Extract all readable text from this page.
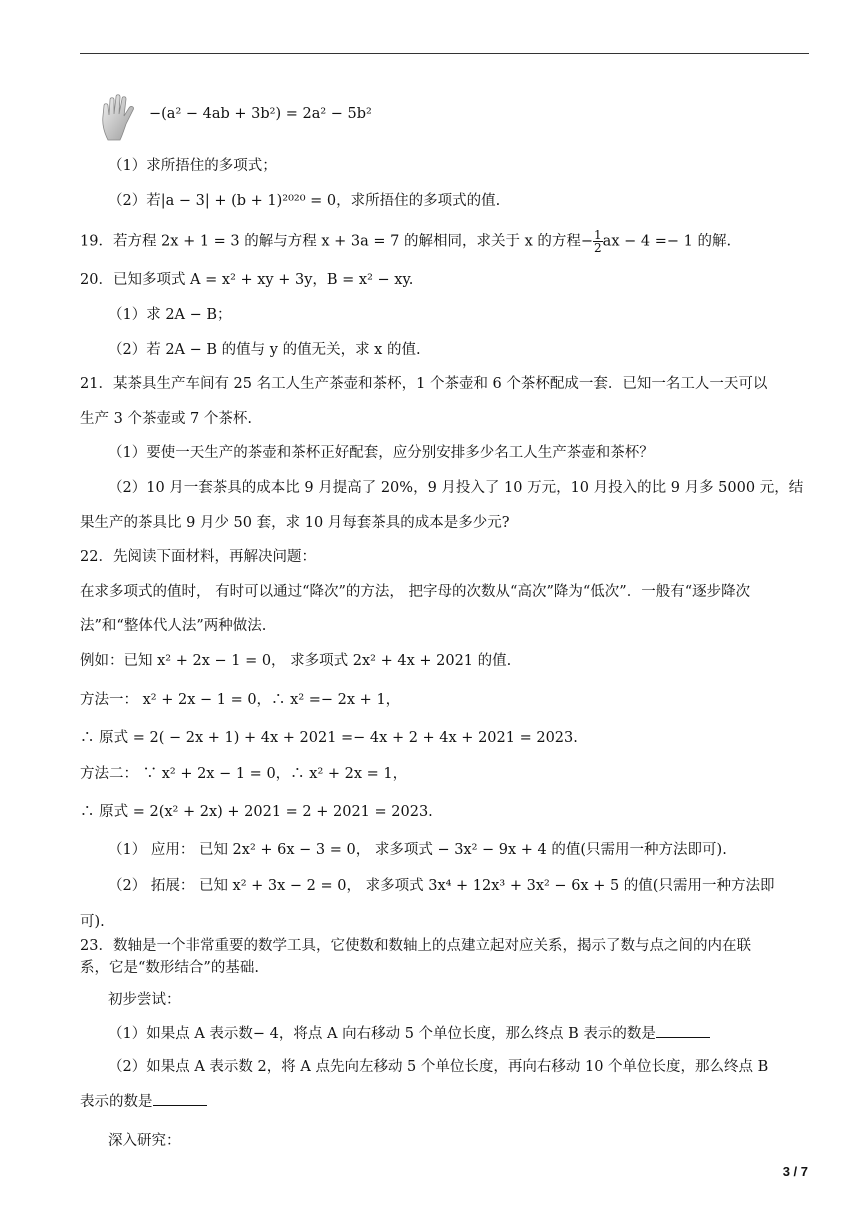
−(a² − 4ab + 3b²) = 2a² − 5b²
（1）求所捂住的多项式；
（2）若|a − 3| + (b + 1)²⁰²⁰ = 0，求所捂住的多项式的值.
19．若方程 2x + 1 = 3 的解与方程 x + 3a = 7 的解相同，求关于 x 的方程− $\frac{1}{2}$ ax − 4 =− 1 的解.
20．已知多项式 A = x² + xy + 3y，B = x² − xy.
（1）求 2A − B；
（2）若 2A − B 的值与 y 的值无关，求 x 的值.
21．某茶具生产车间有 25 名工人生产茶壶和茶杯，1 个茶壶和 6 个茶杯配成一套．已知一名工人一天可以
生产 3 个茶壶或 7 个茶杯.
（1）要使一天生产的茶壶和茶杯正好配套，应分别安排多少名工人生产茶壶和茶杯？
（2）10 月一套茶具的成本比 9 月提高了 20%，9 月投入了 10 万元，10 月投入的比 9 月多 5000 元，结
果生产的茶具比 9 月少 50 套，求 10 月每套茶具的成本是多少元?
22．先阅读下面材料，再解决问题：
在求多项式的值时， 有时可以通过“降次”的方法， 把字母的次数从“高次”降为“低次”．一般有“逐步降次
法”和“整体代人法”两种做法.
例如：已知 x² + 2x − 1 = 0， 求多项式 2x² + 4x + 2021 的值.
方法一： x² + 2x − 1 = 0，∴ x² =− 2x + 1，
∴ 原式 = 2( − 2x + 1) + 4x + 2021 =− 4x + 2 + 4x + 2021 = 2023.
方法二： ∵ x² + 2x − 1 = 0，∴ x² + 2x = 1，
∴ 原式 = 2(x² + 2x) + 2021 = 2 + 2021 = 2023.
（1） 应用： 已知 2x² + 6x − 3 = 0， 求多项式 − 3x² − 9x + 4 的值(只需用一种方法即可).
（2） 拓展： 已知 x² + 3x − 2 = 0， 求多项式 3x⁴ + 12x³ + 3x² − 6x + 5 的值(只需用一种方法即
可).
23．数轴是一个非常重要的数学工具，它使数和数轴上的点建立起对应关系，揭示了数与点之间的内在联
系，它是“数形结合”的基础.
初步尝试：
（1）如果点 A 表示数− 4，将点 A 向右移动 5 个单位长度，那么终点 B 表示的数是
（2）如果点 A 表示数 2，将 A 点先向左移动 5 个单位长度，再向右移动 10 个单位长度，那么终点 B
表示的数是
深入研究：
3 / 7
